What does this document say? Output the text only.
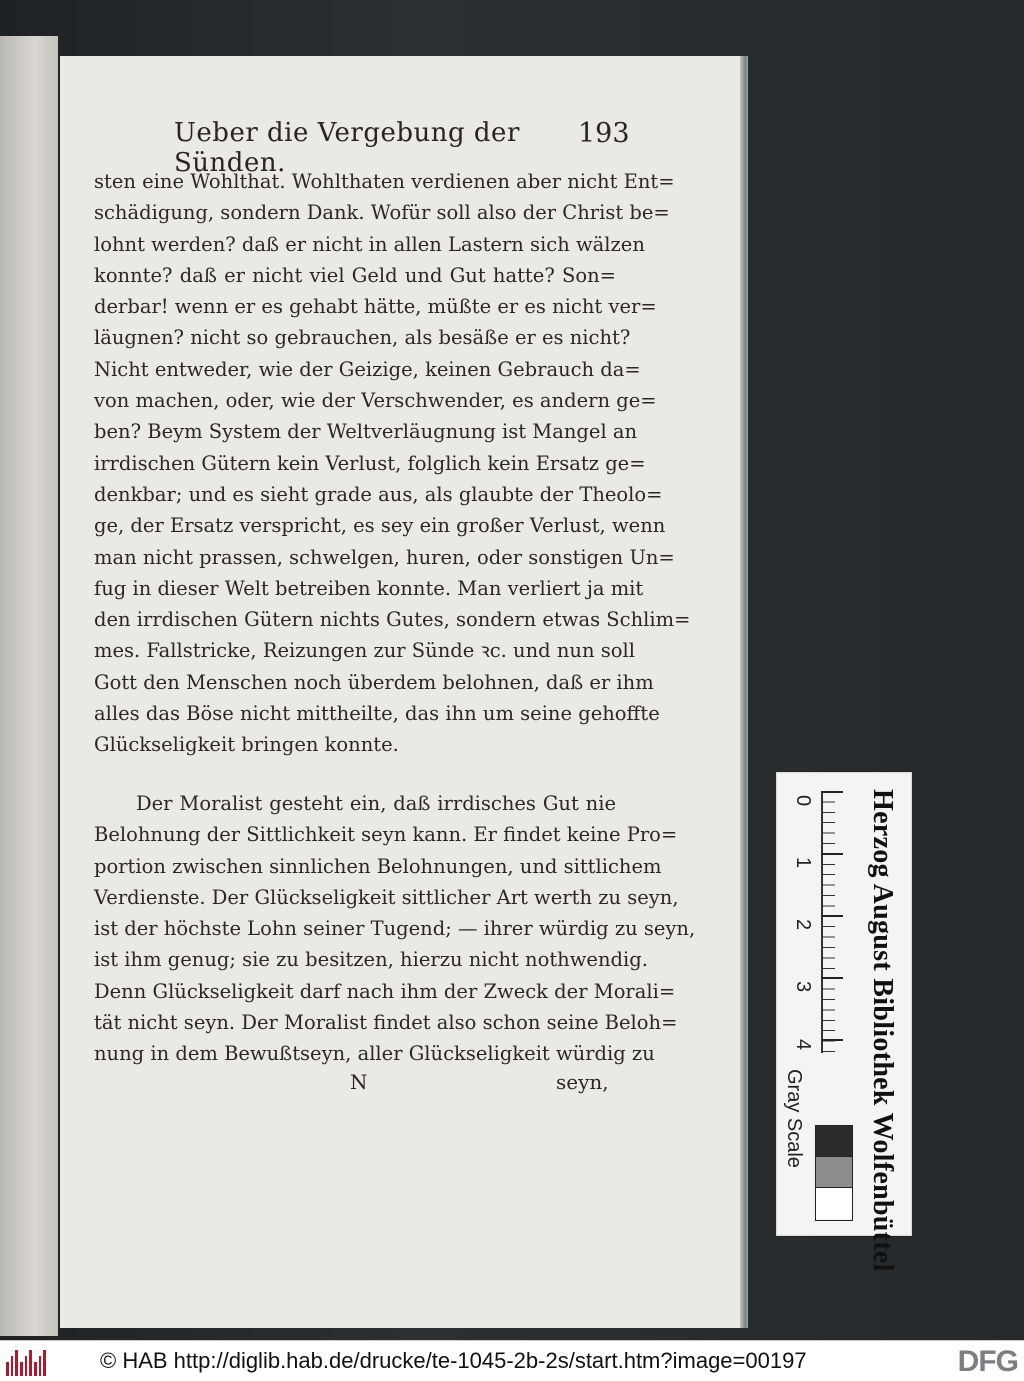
Ueber die Vergebung der Sünden.
193
sten eine Wohlthat. Wohlthaten verdienen aber nicht Ent=
schädigung, sondern Dank. Wofür soll also der Christ be=
lohnt werden? daß er nicht in allen Lastern sich wälzen
konnte? daß er nicht viel Geld und Gut hatte? Son=
derbar! wenn er es gehabt hätte, müßte er es nicht ver=
läugnen? nicht so gebrauchen, als besäße er es nicht?
Nicht entweder, wie der Geizige, keinen Gebrauch da=
von machen, oder, wie der Verschwender, es andern ge=
ben? Beym System der Weltverläugnung ist Mangel an
irrdischen Gütern kein Verlust, folglich kein Ersatz ge=
denkbar; und es sieht grade aus, als glaubte der Theolo=
ge, der Ersatz verspricht, es sey ein großer Verlust, wenn
man nicht prassen, schwelgen, huren, oder sonstigen Un=
fug in dieser Welt betreiben konnte. Man verliert ja mit
den irrdischen Gütern nichts Gutes, sondern etwas Schlim=
mes. Fallstricke, Reizungen zur Sünde ꝛc. und nun soll
Gott den Menschen noch überdem belohnen, daß er ihm
alles das Böse nicht mittheilte, das ihn um seine gehoffte
Glückseligkeit bringen konnte.
Der Moralist gesteht ein, daß irrdisches Gut nie
Belohnung der Sittlichkeit seyn kann. Er findet keine Pro=
portion zwischen sinnlichen Belohnungen, und sittlichem
Verdienste. Der Glückseligkeit sittlicher Art werth zu seyn,
ist der höchste Lohn seiner Tugend; — ihrer würdig zu seyn,
ist ihm genug; sie zu besitzen, hierzu nicht nothwendig.
Denn Glückseligkeit darf nach ihm der Zweck der Morali=
tät nicht seyn. Der Moralist findet also schon seine Beloh=
nung in dem Bewußtseyn, aller Glückseligkeit würdig zu
N	seyn,
0
1
2
3
4
Gray Scale	Herzog August Bibliothek Wolfenbüttel
© HAB http://diglib.hab.de/drucke/te-1045-2b-2s/start.htm?image=00197	DFG
